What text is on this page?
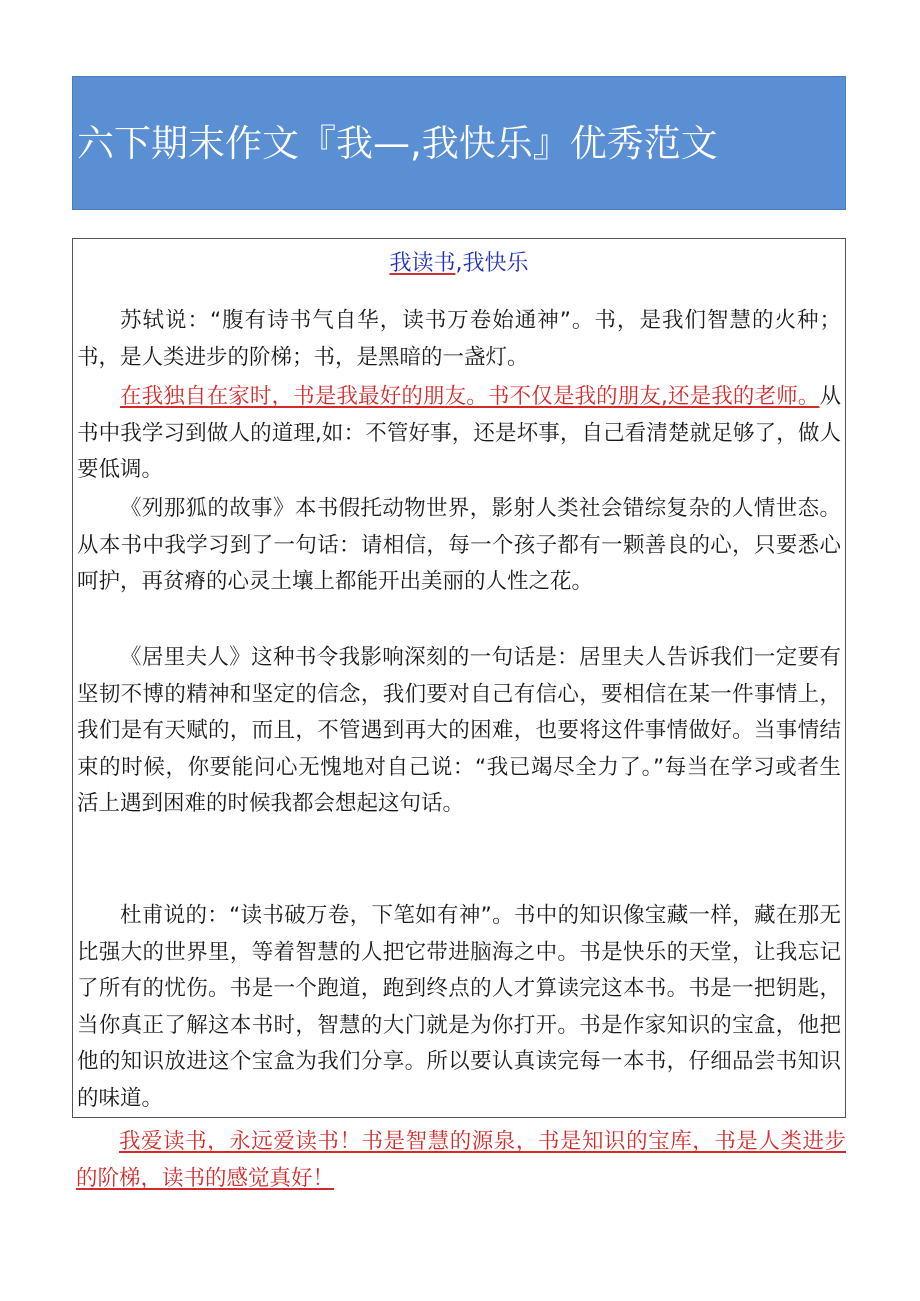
六下期末作文『我—,我快乐』优秀范文
我读书,我快乐
苏轼说：“腹有诗书气自华，读书万卷始通神”。书，是我们智慧的火种；书，是人类进步的阶梯；书，是黑暗的一盏灯。
在我独自在家时，书是我最好的朋友。书不仅是我的朋友,还是我的老师。从书中我学习到做人的道理,如：不管好事，还是坏事，自己看清楚就足够了，做人要低调。
《列那狐的故事》本书假托动物世界，影射人类社会错综复杂的人情世态。从本书中我学习到了一句话：请相信，每一个孩子都有一颗善良的心，只要悉心呵护，再贫瘠的心灵土壤上都能开出美丽的人性之花。
《居里夫人》这种书令我影响深刻的一句话是：居里夫人告诉我们一定要有坚韧不博的精神和坚定的信念，我们要对自己有信心，要相信在某一件事情上，我们是有天赋的，而且，不管遇到再大的困难，也要将这件事情做好。当事情结束的时候，你要能问心无愧地对自己说：“我已竭尽全力了。”每当在学习或者生活上遇到困难的时候我都会想起这句话。
杜甫说的：“读书破万卷，下笔如有神”。书中的知识像宝藏一样，藏在那无比强大的世界里，等着智慧的人把它带进脑海之中。书是快乐的天堂，让我忘记了所有的忧伤。书是一个跑道，跑到终点的人才算读完这本书。书是一把钥匙，当你真正了解这本书时，智慧的大门就是为你打开。书是作家知识的宝盒，他把他的知识放进这个宝盒为我们分享。所以要认真读完每一本书，仔细品尝书知识的味道。
我爱读书，永远爱读书！书是智慧的源泉，书是知识的宝库，书是人类进步的阶梯，读书的感觉真好！
